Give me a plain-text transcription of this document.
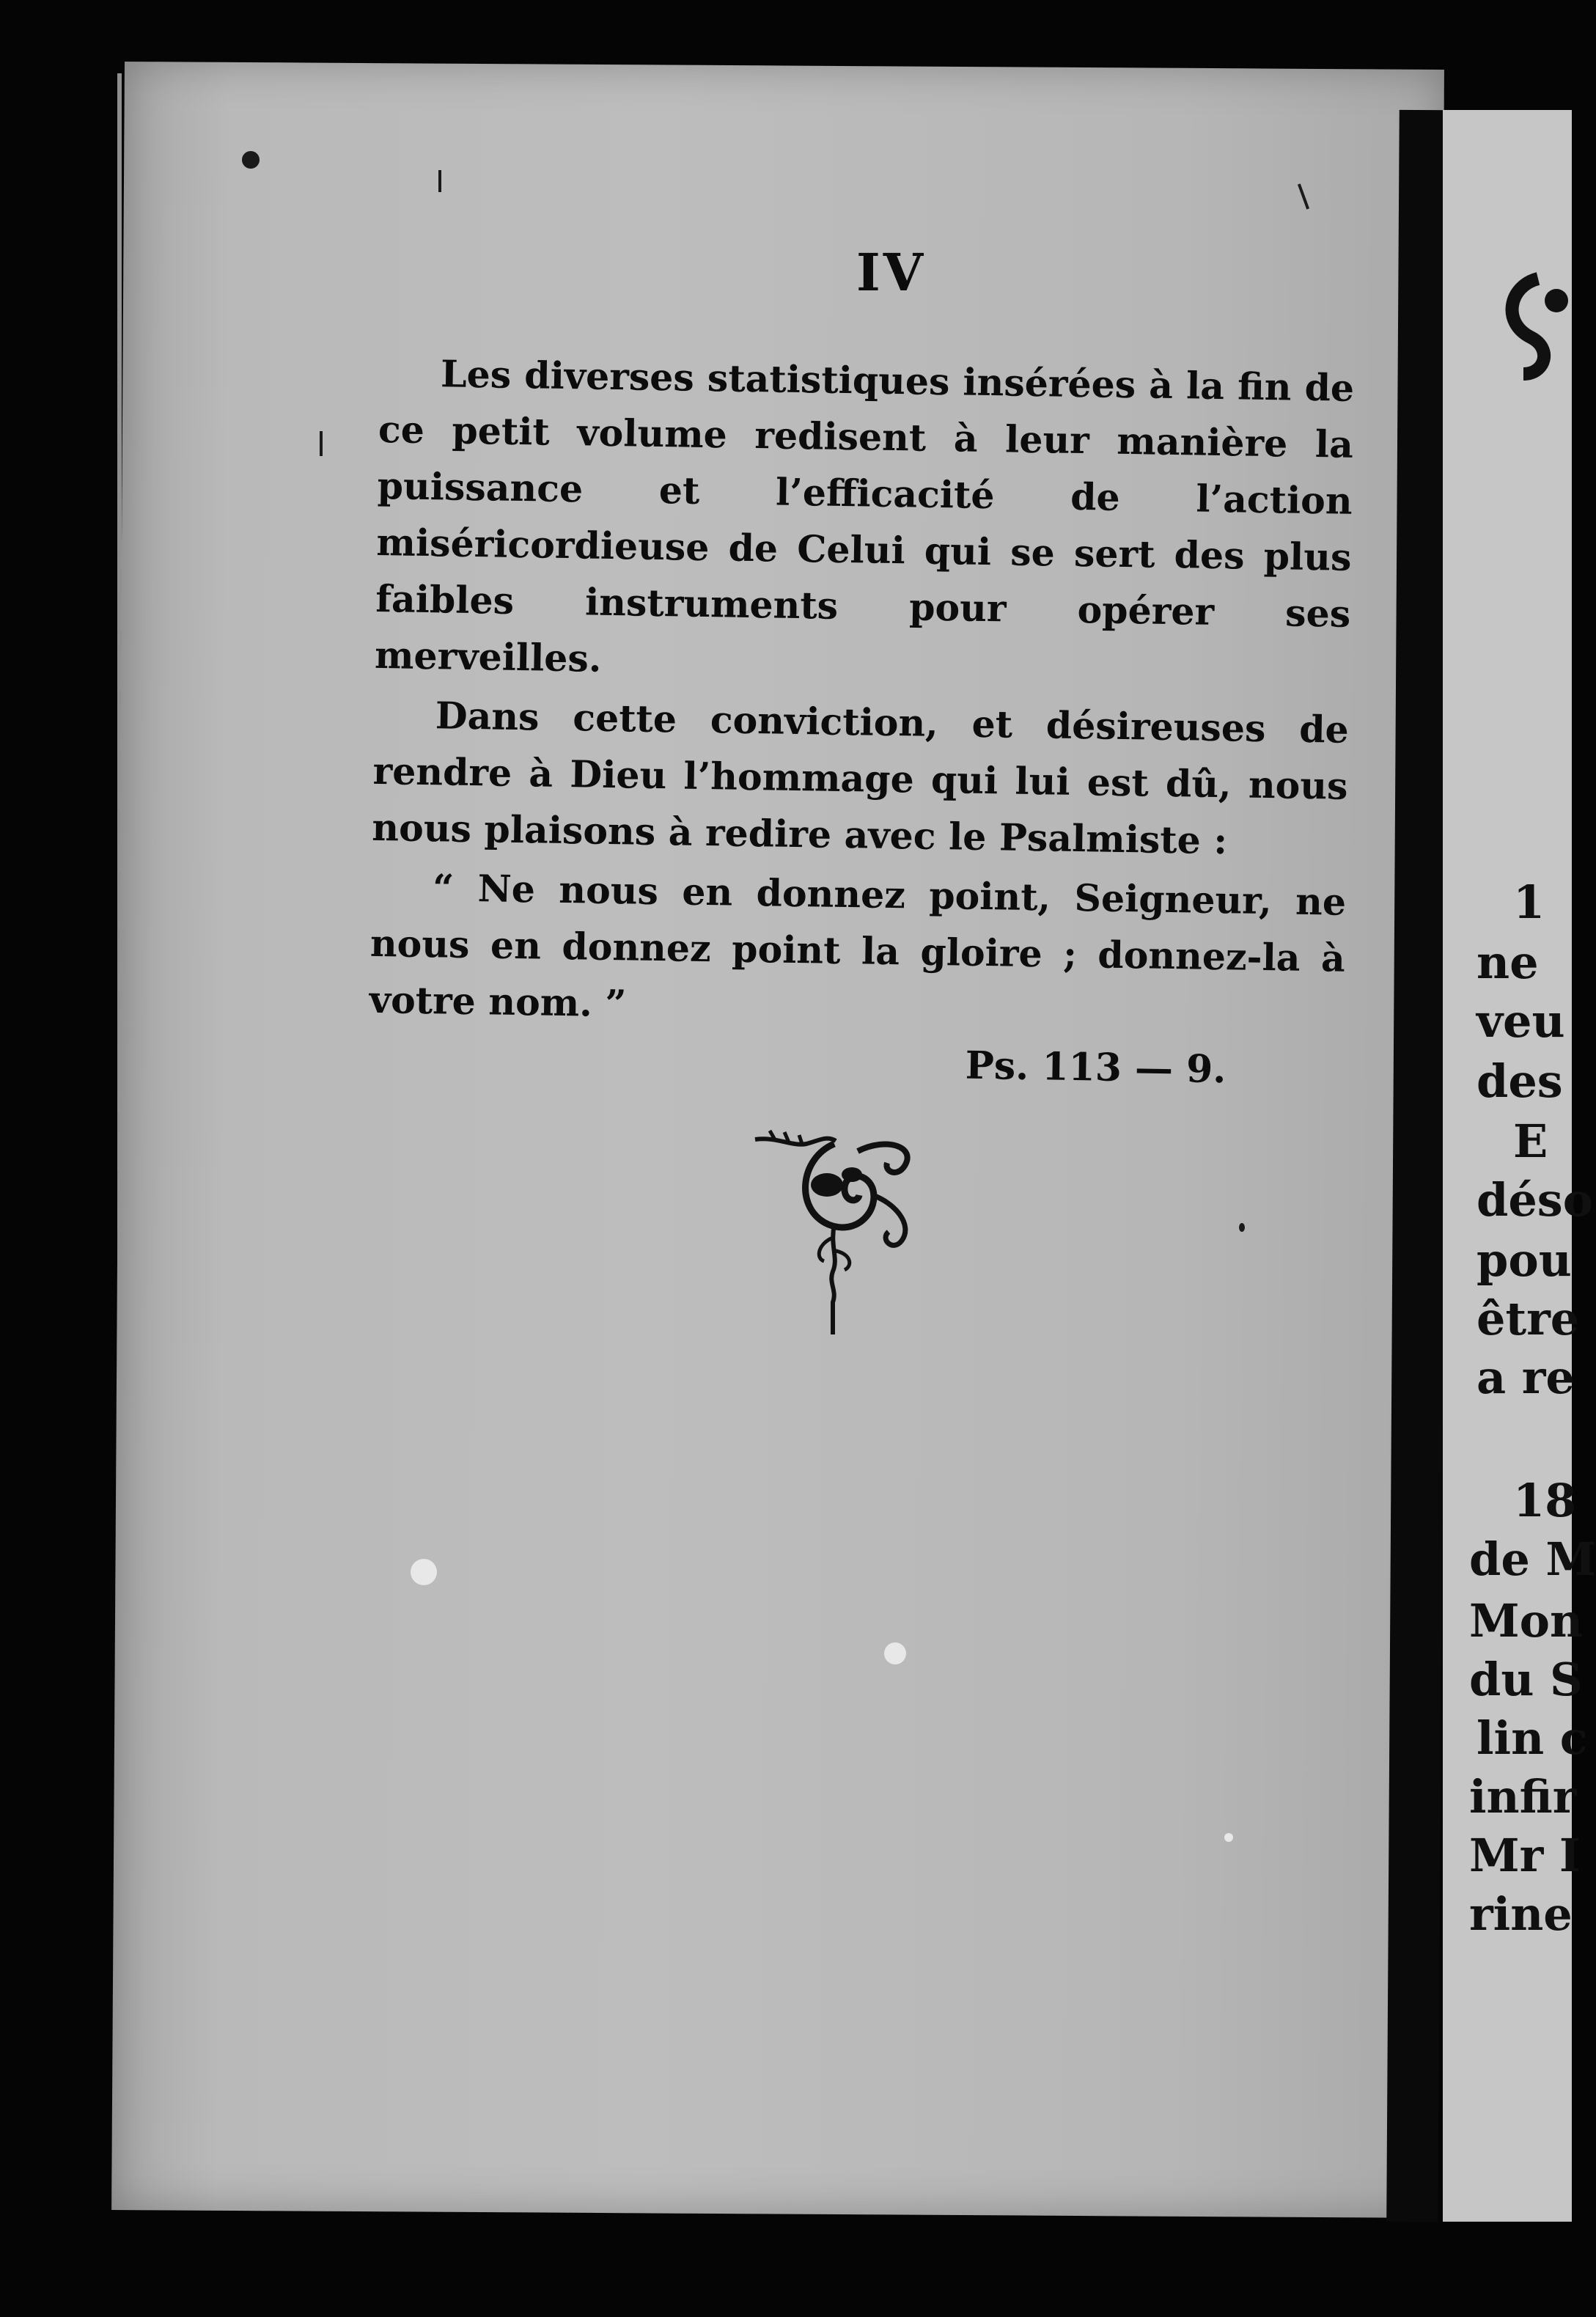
1
ne
veu
des
E
déso
pou
être
a re
18
de M
Mon
du S
lin c
infir
Mr I
rine
IV

Les diverses statistiques insérées à la fin de ce petit volume redisent à leur manière la puissance et l’efficacité de l’action miséricordieuse de Celui qui se sert des plus faibles instruments pour opérer ses merveilles.

Dans cette conviction, et désireuses de rendre à Dieu l’hommage qui lui est dû, nous nous plaisons à redire avec le Psalmiste :

“ Ne nous en donnez point, Seigneur, ne nous en donnez point la gloire ; donnez-la à votre nom. ”

Ps. 113 — 9.
